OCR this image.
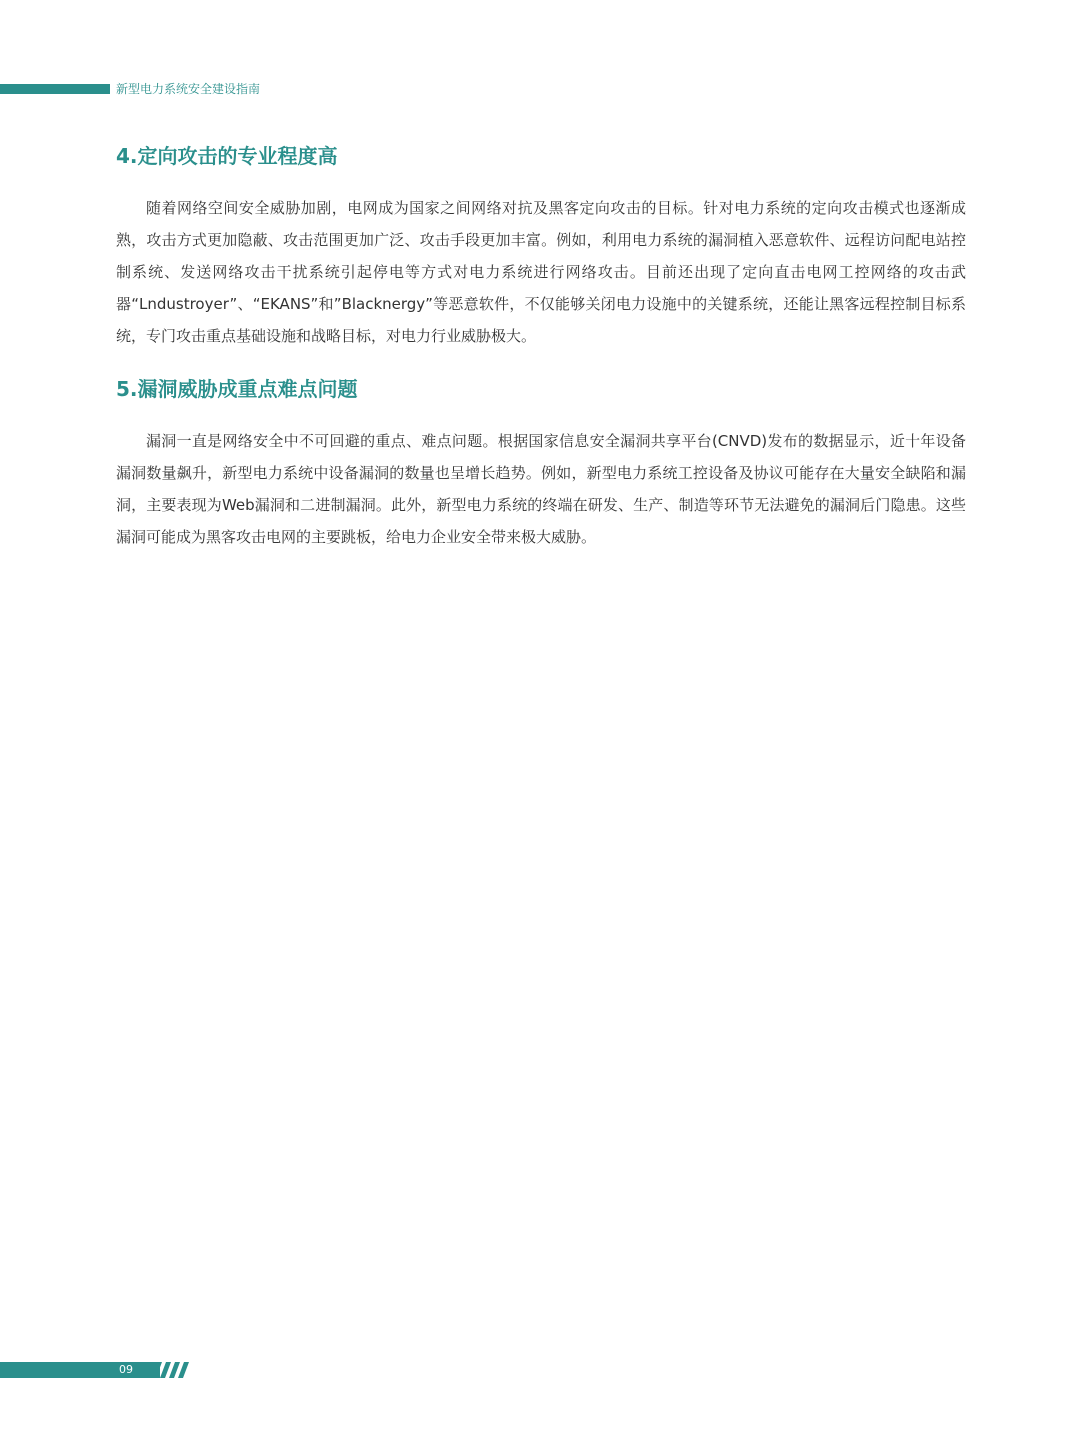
新型电力系统安全建设指南
4.定向攻击的专业程度高

随着网络空间安全威胁加剧，电网成为国家之间网络对抗及黑客定向攻击的目标。针对电力系统的定向攻击模式也逐渐成熟，攻击方式更加隐蔽、攻击范围更加广泛、攻击手段更加丰富。例如，利用电力系统的漏洞植入恶意软件、远程访问配电站控制系统、发送网络攻击干扰系统引起停电等方式对电力系统进行网络攻击。目前还出现了定向直击电网工控网络的攻击武器“Lndustroyer”、“EKANS”和”Blacknergy”等恶意软件，不仅能够关闭电力设施中的关键系统，还能让黑客远程控制目标系统，专门攻击重点基础设施和战略目标，对电力行业威胁极大。

5.漏洞威胁成重点难点问题

漏洞一直是网络安全中不可回避的重点、难点问题。根据国家信息安全漏洞共享平台(CNVD)发布的数据显示，近十年设备漏洞数量飙升，新型电力系统中设备漏洞的数量也呈增长趋势。例如，新型电力系统工控设备及协议可能存在大量安全缺陷和漏洞，主要表现为Web漏洞和二进制漏洞。此外，新型电力系统的终端在研发、生产、制造等环节无法避免的漏洞后门隐患。这些漏洞可能成为黑客攻击电网的主要跳板，给电力企业安全带来极大威胁。

09
